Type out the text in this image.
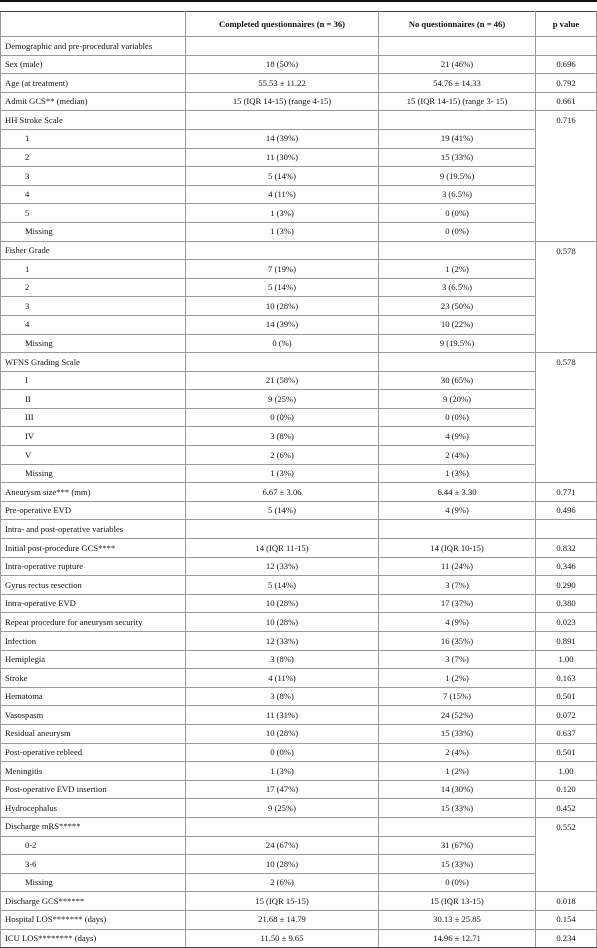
	Completed questionnaires (n = 36)	No questionnaires (n = 46)	p value
Demographic and pre-procedural variables			
Sex (male)	18 (50%)	21 (46%)	0.696
Age (at treatment)	55.53 ± 11.22	54.76 ± 14.33	0.792
Admit GCS** (median)	15 (IQR 14-15) (range 4-15)	15 (IQR 14-15) (range 3- 15)	0.661
HH Stroke Scale			0.716
1	14 (39%)	19 (41%)	
2	11 (30%)	15 (33%)	
3	5 (14%)	9 (19.5%)	
4	4 (11%)	3 (6.5%)	
5	1 (3%)	0 (0%)	
Missing	1 (3%)	0 (0%)	
Fisher Grade			0.578
1	7 (19%)	1 (2%)	
2	5 (14%)	3 (6.5%)	
3	10 (28%)	23 (50%)	
4	14 (39%)	10 (22%)	
Missing	0 (%)	9 (19.5%)	
WFNS Grading Scale			0.578
I	21 (58%)	30 (65%)	
II	9 (25%)	9 (20%)	
III	0 (0%)	0 (0%)	
IV	3 (8%)	4 (9%)	
V	2 (6%)	2 (4%)	
Missing	1 (3%)	1 (3%)	
Aneurysm size*** (mm)	6.67 ± 3.06	6.44 ± 3.30	0.771
Pre-operative EVD	5 (14%)	4 (9%)	0.496
Intra- and post-operative variables			
Initial post-procedure GCS****	14 (IQR 11-15)	14 (IQR 10-15)	0.832
Intra-operative rupture	12 (33%)	11 (24%)	0.346
Gyrus rectus resection	5 (14%)	3 (7%)	0.290
Intra-operative EVD	10 (28%)	17 (37%)	0.380
Repeat procedure for aneurysm security	10 (28%)	4 (9%)	0.023
Infection	12 (33%)	16 (35%)	0.891
Hemiplegia	3 (8%)	3 (7%)	1.00
Stroke	4 (11%)	1 (2%)	0.163
Hematoma	3 (8%)	7 (15%)	0.501
Vasospasm	11 (31%)	24 (52%)	0.072
Residual aneurysm	10 (28%)	15 (33%)	0.637
Post-operative rebleed	0 (0%)	2 (4%)	0.501
Meningitis	1 (3%)	1 (2%)	1.00
Post-operative EVD insertion	17 (47%)	14 (30%)	0.120
Hydrocephalus	9 (25%)	15 (33%)	0.452
Discharge mRS*****			0.552
0-2	24 (67%)	31 (67%)	
3-6	10 (28%)	15 (33%)	
Missing	2 (6%)	0 (0%)	
Discharge GCS******	15 (IQR 15-15)	15 (IQR 13-15)	0.018
Hospital LOS******* (days)	21.68 ± 14.79	30.13 ± 25.85	0.154
ICU LOS******** (days)	11.50 ± 9.65	14.96 ± 12.71	0.234
